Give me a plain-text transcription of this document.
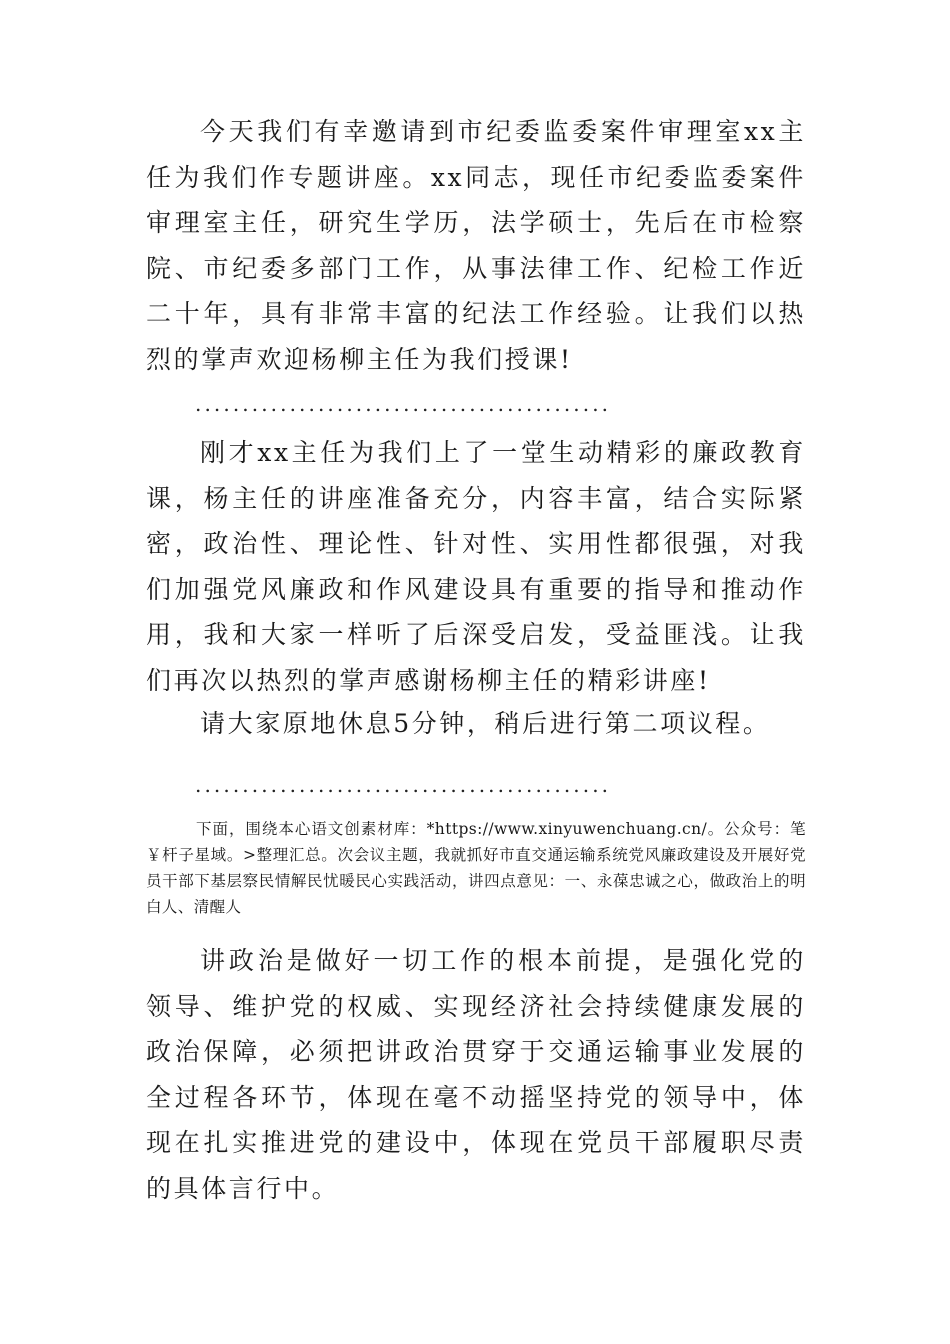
今天我们有幸邀请到市纪委监委案件审理室xx主任为我们作专题讲座。xx同志，现任市纪委监委案件审理室主任，研究生学历，法学硕士，先后在市检察院、市纪委多部门工作，从事法律工作、纪检工作近二十年，具有非常丰富的纪法工作经验。让我们以热烈的掌声欢迎杨柳主任为我们授课!

............................................

刚才xx主任为我们上了一堂生动精彩的廉政教育课，杨主任的讲座准备充分，内容丰富，结合实际紧密，政治性、理论性、针对性、实用性都很强，对我们加强党风廉政和作风建设具有重要的指导和推动作用，我和大家一样听了后深受启发，受益匪浅。让我们再次以热烈的掌声感谢杨柳主任的精彩讲座!

请大家原地休息5分钟，稍后进行第二项议程。

............................................

下面，围绕本心语文创素材库：*https://www.xinyuwenchuang.cn/。公众号：笔￥杆子星域。>整理汇总。次会议主题，我就抓好市直交通运输系统党风廉政建设及开展好党员干部下基层察民情解民忧暖民心实践活动，讲四点意见：一、永葆忠诚之心，做政治上的明白人、清醒人

讲政治是做好一切工作的根本前提，是强化党的领导、维护党的权威、实现经济社会持续健康发展的政治保障，必须把讲政治贯穿于交通运输事业发展的全过程各环节，体现在毫不动摇坚持党的领导中，体现在扎实推进党的建设中，体现在党员干部履职尽责的具体言行中。
